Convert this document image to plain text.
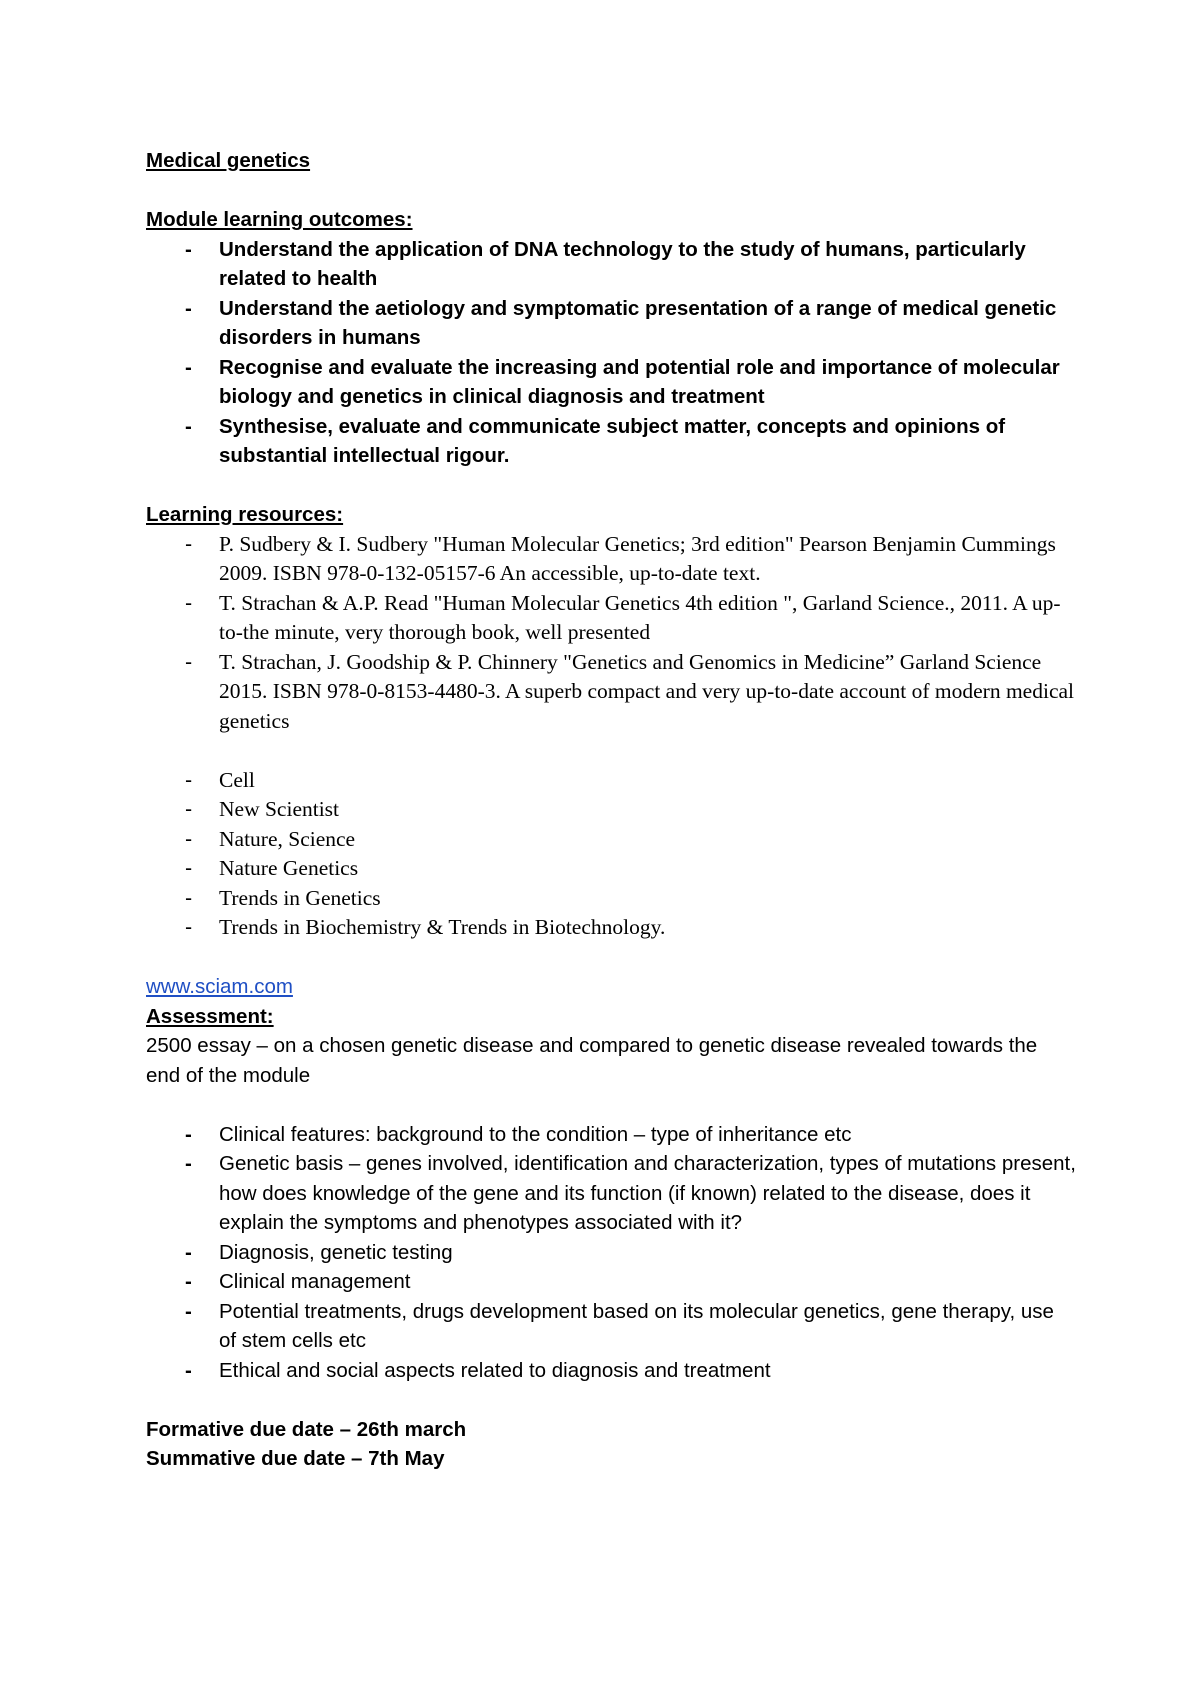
Medical genetics

Module learning outcomes:

- Understand the application of DNA technology to the study of humans, particularly related to health
- Understand the aetiology and symptomatic presentation of a range of medical genetic disorders in humans
- Recognise and evaluate the increasing and potential role and importance of molecular biology and genetics in clinical diagnosis and treatment
- Synthesise, evaluate and communicate subject matter, concepts and opinions of substantial intellectual rigour.

Learning resources:

- P. Sudbery & I. Sudbery "Human Molecular Genetics; 3rd edition" Pearson Benjamin Cummings 2009. ISBN 978-0-132-05157-6 An accessible, up-to-date text.
- T. Strachan & A.P. Read "Human Molecular Genetics 4th edition ", Garland Science., 2011. A up-to-the minute, very thorough book, well presented
- T. Strachan, J. Goodship & P. Chinnery "Genetics and Genomics in Medicine” Garland Science 2015. ISBN 978-0-8153-4480-3. A superb compact and very up-to-date account of modern medical genetics
- Cell
- New Scientist
- Nature, Science
- Nature Genetics
- Trends in Genetics
- Trends in Biochemistry & Trends in Biotechnology.

www.sciam.com

Assessment:

2500 essay – on a chosen genetic disease and compared to genetic disease revealed towards the end of the module

- Clinical features: background to the condition – type of inheritance etc
- Genetic basis – genes involved, identification and characterization, types of mutations present, how does knowledge of the gene and its function (if known) related to the disease, does it explain the symptoms and phenotypes associated with it?
- Diagnosis, genetic testing
- Clinical management
- Potential treatments, drugs development based on its molecular genetics, gene therapy, use of stem cells etc
- Ethical and social aspects related to diagnosis and treatment

Formative due date – 26th march

Summative due date – 7th May
